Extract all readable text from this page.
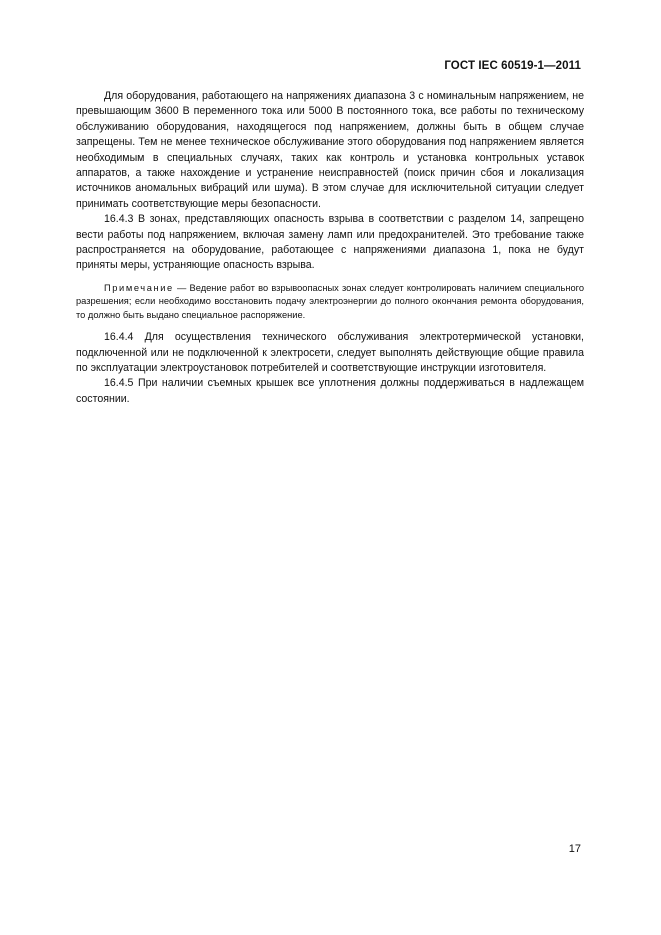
ГОСТ IEC 60519-1—2011

Для оборудования, работающего на напряжениях диапазона 3 с номинальным напряжением, не превышающим 3600 В переменного тока или 5000 В постоянного тока, все работы по техническому обслуживанию оборудования, находящегося под напряжением, должны быть в общем случае запрещены. Тем не менее техническое обслуживание этого оборудования под напряжением является необходимым в специальных случаях, таких как контроль и установка контрольных уставок аппаратов, а также нахождение и устранение неисправностей (поиск причин сбоя и локализация источников аномальных вибраций или шума). В этом случае для исключительной ситуации следует принимать соответствующие меры безопасности.

16.4.3 В зонах, представляющих опасность взрыва в соответствии с разделом 14, запрещено вести работы под напряжением, включая замену ламп или предохранителей. Это требование также распространяется на оборудование, работающее с напряжениями диапазона 1, пока не будут приняты меры, устраняющие опасность взрыва.

Примечание — Ведение работ во взрывоопасных зонах следует контролировать наличием специального разрешения; если необходимо восстановить подачу электроэнергии до полного окончания ремонта оборудования, то должно быть выдано специальное распоряжение.

16.4.4 Для осуществления технического обслуживания электротермической установки, подключенной или не подключенной к электросети, следует выполнять действующие общие правила по эксплуатации электроустановок потребителей и соответствующие инструкции изготовителя.

16.4.5 При наличии съемных крышек все уплотнения должны поддерживаться в надлежащем состоянии.

17
